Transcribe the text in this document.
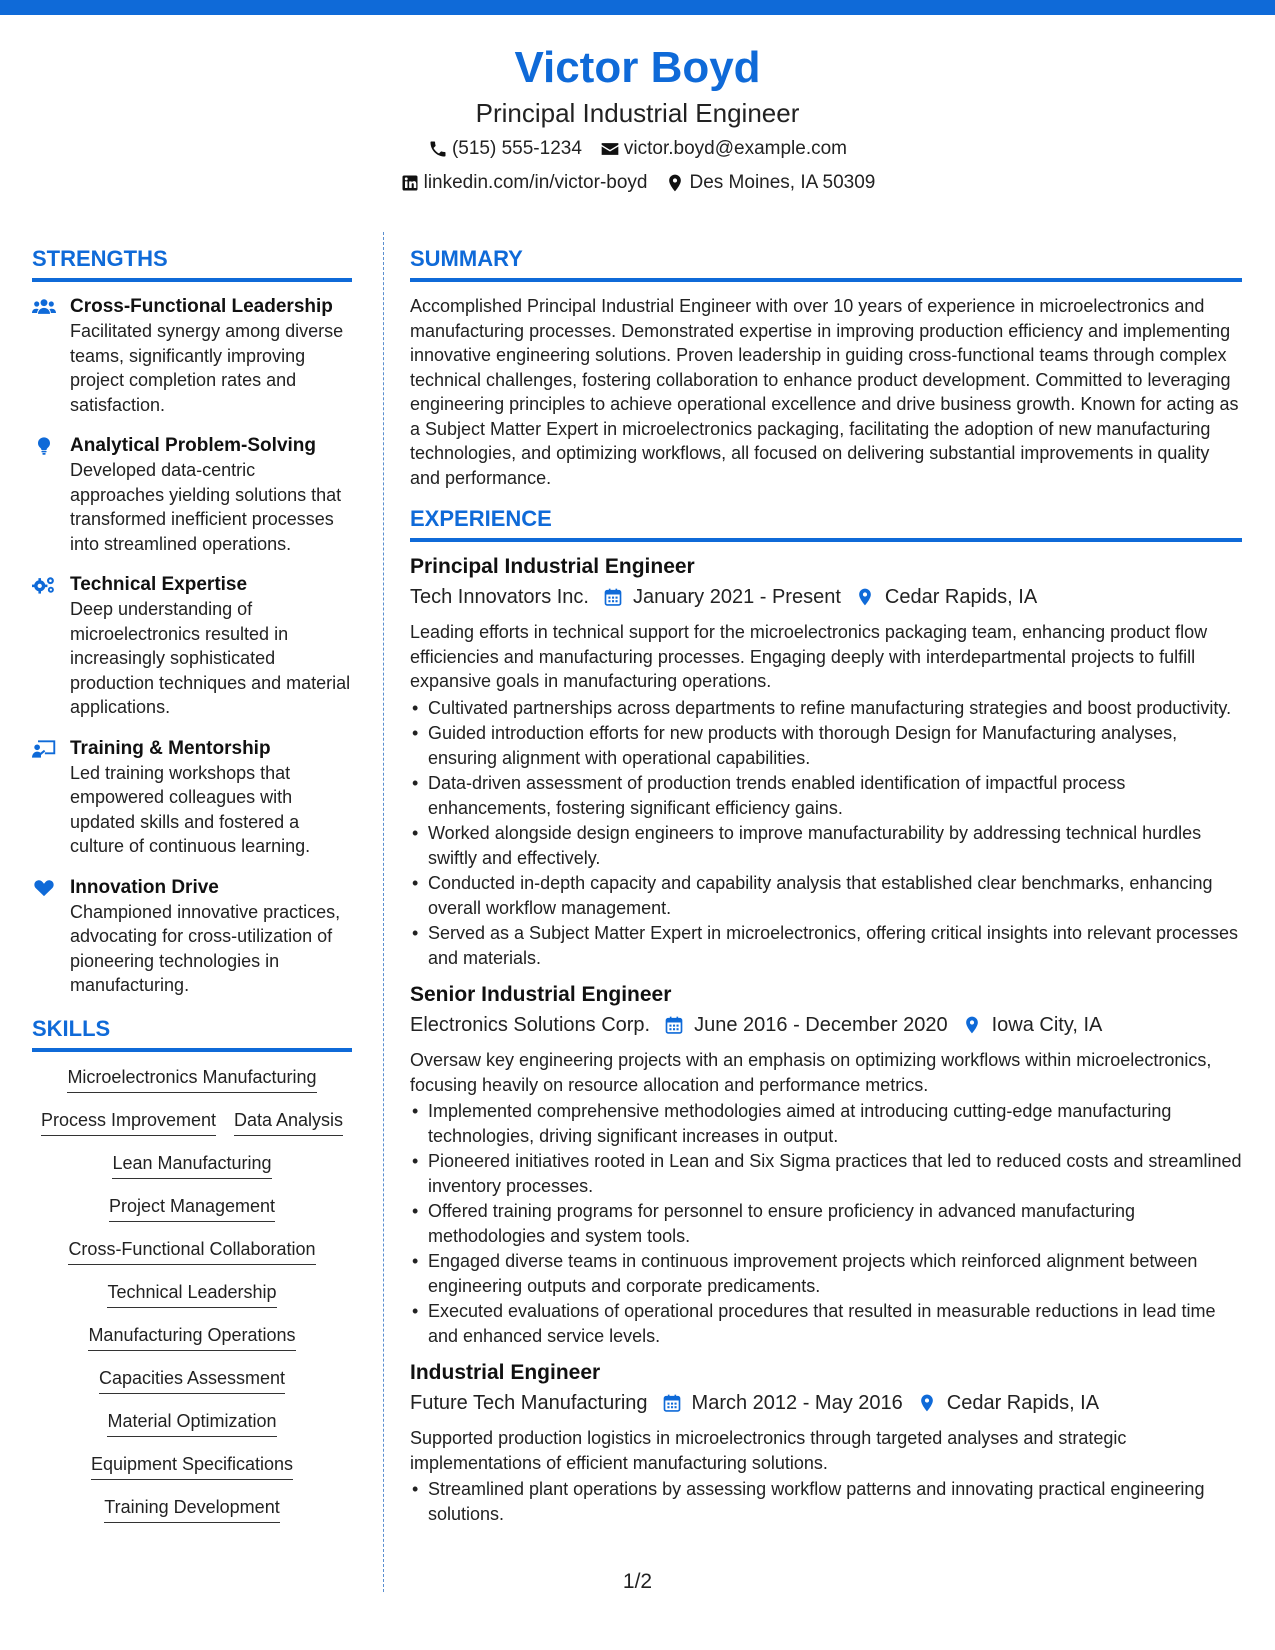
Victor Boyd
Principal Industrial Engineer
(515) 555-1234 victor.boyd@example.com
linkedin.com/in/victor-boyd Des Moines, IA 50309
STRENGTHS
Cross-Functional Leadership
Facilitated synergy among diverse teams, significantly improving project completion rates and satisfaction.
Analytical Problem-Solving
Developed data-centric approaches yielding solutions that transformed inefficient processes into streamlined operations.
Technical Expertise
Deep understanding of microelectronics resulted in increasingly sophisticated production techniques and material applications.
Training & Mentorship
Led training workshops that empowered colleagues with updated skills and fostered a culture of continuous learning.
Innovation Drive
Championed innovative practices, advocating for cross-utilization of pioneering technologies in manufacturing.
SKILLS
Microelectronics Manufacturing
Process Improvement Data Analysis
Lean Manufacturing
Project Management
Cross-Functional Collaboration
Technical Leadership
Manufacturing Operations
Capacities Assessment
Material Optimization
Equipment Specifications
Training Development
SUMMARY

Accomplished Principal Industrial Engineer with over 10 years of experience in microelectronics and manufacturing processes. Demonstrated expertise in improving production efficiency and implementing innovative engineering solutions. Proven leadership in guiding cross-functional teams through complex technical challenges, fostering collaboration to enhance product development. Committed to leveraging engineering principles to achieve operational excellence and drive business growth. Known for acting as a Subject Matter Expert in microelectronics packaging, facilitating the adoption of new manufacturing technologies, and optimizing workflows, all focused on delivering substantial improvements in quality and performance.

EXPERIENCE
Principal Industrial Engineer
Tech Innovators Inc. January 2021 - Present Cedar Rapids, IA

Leading efforts in technical support for the microelectronics packaging team, enhancing product flow efficiencies and manufacturing processes. Engaging deeply with interdepartmental projects to fulfill expansive goals in manufacturing operations.

• Cultivated partnerships across departments to refine manufacturing strategies and boost productivity.
• Guided introduction efforts for new products with thorough Design for Manufacturing analyses, ensuring alignment with operational capabilities.
• Data-driven assessment of production trends enabled identification of impactful process enhancements, fostering significant efficiency gains.
• Worked alongside design engineers to improve manufacturability by addressing technical hurdles swiftly and effectively.
• Conducted in-depth capacity and capability analysis that established clear benchmarks, enhancing overall workflow management.
• Served as a Subject Matter Expert in microelectronics, offering critical insights into relevant processes and materials.
Senior Industrial Engineer
Electronics Solutions Corp. June 2016 - December 2020 Iowa City, IA

Oversaw key engineering projects with an emphasis on optimizing workflows within microelectronics, focusing heavily on resource allocation and performance metrics.

• Implemented comprehensive methodologies aimed at introducing cutting-edge manufacturing technologies, driving significant increases in output.
• Pioneered initiatives rooted in Lean and Six Sigma practices that led to reduced costs and streamlined inventory processes.
• Offered training programs for personnel to ensure proficiency in advanced manufacturing methodologies and system tools.
• Engaged diverse teams in continuous improvement projects which reinforced alignment between engineering outputs and corporate predicaments.
• Executed evaluations of operational procedures that resulted in measurable reductions in lead time and enhanced service levels.
Industrial Engineer
Future Tech Manufacturing March 2012 - May 2016 Cedar Rapids, IA

Supported production logistics in microelectronics through targeted analyses and strategic implementations of efficient manufacturing solutions.

• Streamlined plant operations by assessing workflow patterns and innovating practical engineering solutions.
1/2
